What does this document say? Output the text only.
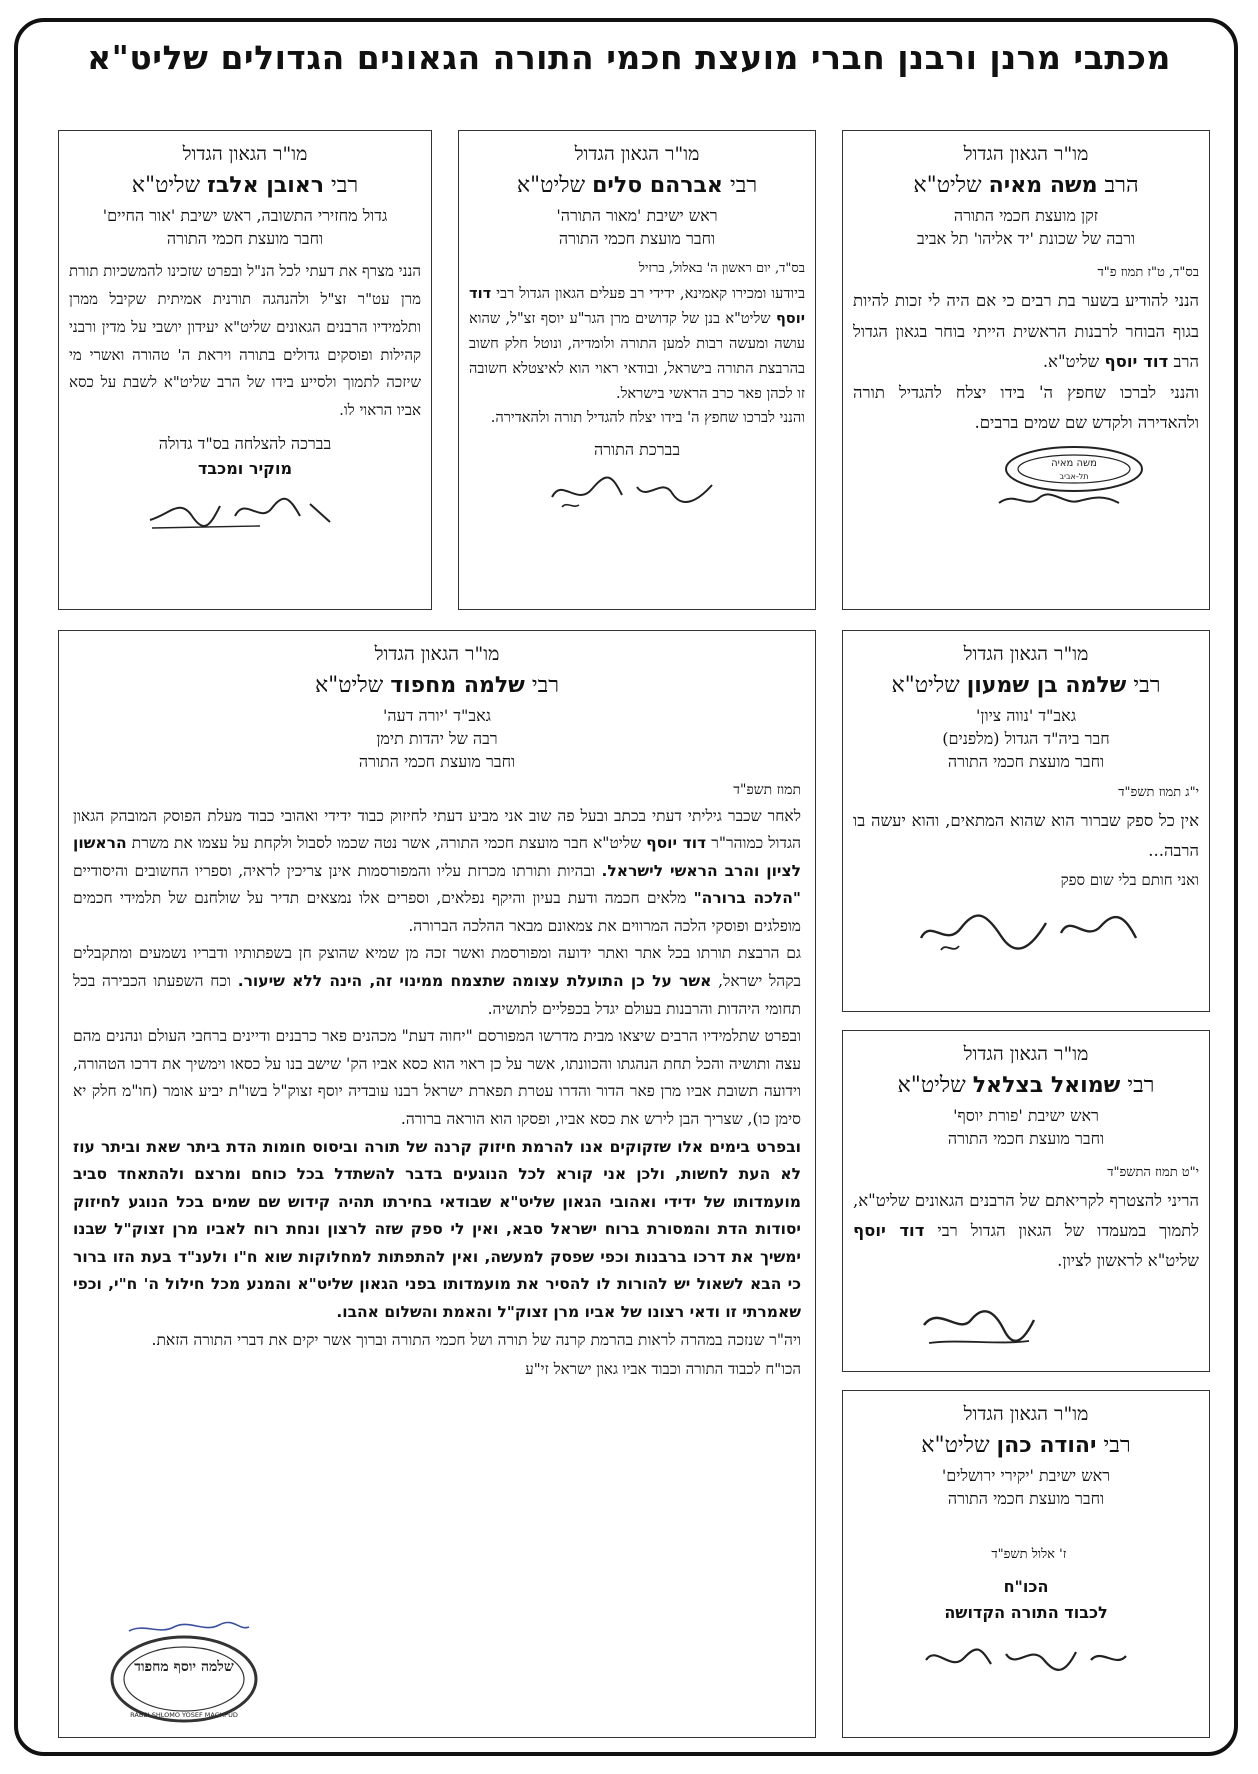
מכתבי מרנן ורבנן חברי מועצת חכמי התורה הגאונים הגדולים שליט"א
מו"ר הגאון הגדול
הרב משה מאיה שליט"א
זקן מועצת חכמי התורה
ורבה של שכונת 'יד אליהו' תל אביב
בס"ד, ט"ז תמוז פ"ד
הנני להודיע בשער בת רבים כי אם היה לי זכות להיות בגוף הבוחר לרבנות הראשית הייתי בוחר בגאון הגדול הרב דוד יוסף שליט"א.
והנני לברכו שחפץ ה' בידו יצלח להגדיל תורה ולהאדירה ולקדש שם שמים ברבים.
משה מאיה
תל-אביב
מו"ר הגאון הגדול
רבי אברהם סלים שליט"א
ראש ישיבת 'מאור התורה'
וחבר מועצת חכמי התורה
בס"ד, יום ראשון ה' באלול, ברזיל
ביודעו ומכירו קאמינא, ידידי רב פעלים הגאון הגדול רבי דוד יוסף שליט"א בנן של קדושים מרן הגר"ע יוסף זצ"ל, שהוא עושה ומעשה רבות למען התורה ולומדיה, ונוטל חלק חשוב בהרבצת התורה בישראל, ובודאי ראוי הוא לאיצטלא חשובה זו לכהן פאר כרב הראשי בישראל.
והנני לברכו שחפץ ה' בידו יצלח להגדיל תורה ולהאדירה.
בברכת התורה
מו"ר הגאון הגדול
רבי ראובן אלבז שליט"א
גדול מחזירי התשובה, ראש ישיבת 'אור החיים'
וחבר מועצת חכמי התורה
הנני מצרף את דעתי לכל הנ"ל ובפרט שזכינו להמשכיות תורת מרן עט"ר זצ"ל ולהנהגה תורנית אמיתית שקיבל ממרן ותלמידיו הרבנים הגאונים שליט"א יעידון יושבי על מדין ורבני קהילות ופוסקים גדולים בתורה ויראת ה' טהורה ואשרי מי שיזכה לתמוך ולסייע בידו של הרב שליט"א לשבת על כסא אביו הראוי לו.
בברכה להצלחה בס"ד גדולה
מוקיר ומכבד
מו"ר הגאון הגדול
רבי שלמה בן שמעון שליט"א
גאב"ד 'נווה ציון'
חבר ביה"ד הגדול (מלפנים)
וחבר מועצת חכמי התורה
י"ג תמוז תשפ"ד
אין כל ספק שברור הוא שהוא המתאים, והוא יעשה בו הרבה...
ואני חותם בלי שום ספק
מו"ר הגאון הגדול
רבי שלמה מחפוד שליט"א
גאב"ד 'יורה דעה'
רבה של יהדות תימן
וחבר מועצת חכמי התורה
תמוז תשפ"ד
לאחר שכבר גיליתי דעתי בכתב ובעל פה שוב אני מביע דעתי לחיזוק כבוד ידידי ואהובי כבוד מעלת הפוסק המובהק הגאון הגדול כמוהר"ר דוד יוסף שליט"א חבר מועצת חכמי התורה, אשר נטה שכמו לסבול ולקחת על עצמו את משרת הראשון לציון והרב הראשי לישראל. ובהיות ותורתו מכרזת עליו והמפורסמות אינן צריכין לראיה, וספריו החשובים והיסודיים "הלכה ברורה" מלאים חכמה ודעת בעיון והיקף נפלאים, וספרים אלו נמצאים תדיר על שולחנם של תלמידי חכמים מופלגים ופוסקי הלכה המרווים את צמאונם מבאר ההלכה הברורה.
גם הרבצת תורתו בכל אתר ואתר ידועה ומפורסמת ואשר זכה מן שמיא שהוצק חן בשפתותיו ודבריו נשמעים ומתקבלים בקהל ישראל, אשר על כן התועלת עצומה שתצמח ממינוי זה, הינה ללא שיעור. וכח השפעתו הכבירה בכל תחומי היהדות והרבנות בעולם יגדל בכפליים לתושיה.
ובפרט שתלמידיו הרבים שיצאו מבית מדרשו המפורסם "יחוה דעת" מכהנים פאר כרבנים ודיינים ברחבי העולם ונהנים מהם עצה ותושיה והכל תחת הנהגתו והכוונתו, אשר על כן ראוי הוא כסא אביו הק' שישב בנו על כסאו וימשיך את דרכו הטהורה, וידועה תשובת אביו מרן פאר הדור והדרו עטרת תפארת ישראל רבנו עובדיה יוסף זצוק"ל בשו"ת יביע אומר (חו"מ חלק יא סימן כו), שצריך הבן לירש את כסא אביו, ופסקו הוא הוראה ברורה.
ובפרט בימים אלו שזקוקים אנו להרמת חיזוק קרנה של תורה וביסוס חומות הדת ביתר שאת וביתר עוז לא העת לחשות, ולכן אני קורא לכל הנוגעים בדבר להשתדל בכל כוחם ומרצם ולהתאחד סביב מועמדותו של ידידי ואהובי הגאון שליט"א שבודאי בחירתו תהיה קידוש שם שמים בכל הנוגע לחיזוק יסודות הדת והמסורת ברוח ישראל סבא, ואין לי ספק שזה לרצון ונחת רוח לאביו מרן זצוק"ל שבנו ימשיך את דרכו ברבנות וכפי שפסק למעשה, ואין להתפתות למחלוקות שוא ח"ו ולענ"ד בעת הזו ברור כי הבא לשאול יש להורות לו להסיר את מועמדותו בפני הגאון שליט"א והמנע מכל חילול ה' ח"י, וכפי שאמרתי זו ודאי רצונו של אביו מרן זצוק"ל והאמת והשלום אהבו.
ויה"ר שנזכה במהרה לראות בהרמת קרנה של תורה ושל חכמי התורה וברוך אשר יקים את דברי התורה הזאת.
הכו"ח לכבוד התורה וכבוד אביו גאון ישראל זי"ע
שלמה יוסף מחפוד
RABBI SHLOMO YOSEF MACHPUD
מו"ר הגאון הגדול
רבי שמואל בצלאל שליט"א
ראש ישיבת 'פורת יוסף'
וחבר מועצת חכמי התורה
י"ט תמוז התשפ"ד
הריני להצטרף לקריאתם של הרבנים הגאונים שליט"א, לתמוך במעמדו של הגאון הגדול רבי דוד יוסף שליט"א לראשון לציון.
מו"ר הגאון הגדול
רבי יהודה כהן שליט"א
ראש ישיבת 'יקירי ירושלים'
וחבר מועצת חכמי התורה
ז' אלול תשפ"ד
הכו"ח
לכבוד התורה הקדושה
